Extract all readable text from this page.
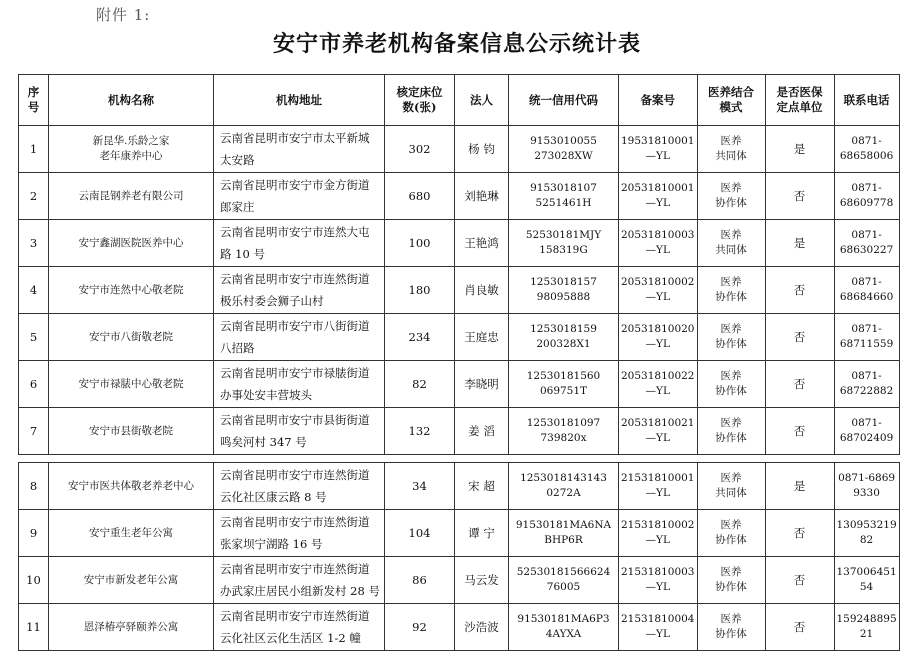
附件 1:
安宁市养老机构备案信息公示统计表
序
号	机构名称	机构地址	核定床位
数(张)	法人	统一信用代码	备案号	医养结合
模式	是否医保
定点单位	联系电话
1	新昆华.乐龄之家
老年康养中心	云南省昆明市安宁市太平新城
太安路	302	杨 钧	9153010055
273028XW	19531810001
—YL	医养
共同体	是	0871-
68658006
2	云南昆钢养老有限公司	云南省昆明市安宁市金方街道
郎家庄	680	刘艳琳	9153018107
5251461H	20531810001
—YL	医养
协作体	否	0871-
68609778
3	安宁鑫湖医院医养中心	云南省昆明市安宁市连然大屯
路 10 号	100	王艳鸿	52530181MJY
158319G	20531810003
—YL	医养
共同体	是	0871-
68630227
4	安宁市连然中心敬老院	云南省昆明市安宁市连然街道
极乐村委会狮子山村	180	肖良敏	1253018157
98095888	20531810002
—YL	医养
协作体	否	0871-
68684660
5	安宁市八街敬老院	云南省昆明市安宁市八街街道
八招路	234	王庭忠	1253018159
200328X1	20531810020
—YL	医养
协作体	否	0871-
68711559
6	安宁市禄脿中心敬老院	云南省昆明市安宁市禄脿街道
办事处安丰营坡头	82	李晓明	12530181560
069751T	20531810022
—YL	医养
协作体	否	0871-
68722882
7	安宁市县街敬老院	云南省昆明市安宁市县街街道
鸣矣河村 347 号	132	姜 滔	12530181097
739820x	20531810021
—YL	医养
协作体	否	0871-
68702409

8	安宁市医共体敬老养老中心	云南省昆明市安宁市连然街道
云化社区康云路 8 号	34	宋 超	1253018143143
0272A	21531810001
—YL	医养
共同体	是	0871-6869
9330
9	安宁重生老年公寓	云南省昆明市安宁市连然街道
张家坝宁湖路 16 号	104	谭 宁	91530181MA6NA
BHP6R	21531810002
—YL	医养
协作体	否	130953219
82
10	安宁市新发老年公寓	云南省昆明市安宁市连然街道
办武家庄居民小组新发村 28 号	86	马云发	52530181566624
76005	21531810003
—YL	医养
协作体	否	137006451
54
11	恩泽椿亭驿颐养公寓	云南省昆明市安宁市连然街道
云化社区云化生活区 1-2 幢	92	沙浩波	91530181MA6P3
4AYXA	21531810004
—YL	医养
协作体	否	159248895
21
